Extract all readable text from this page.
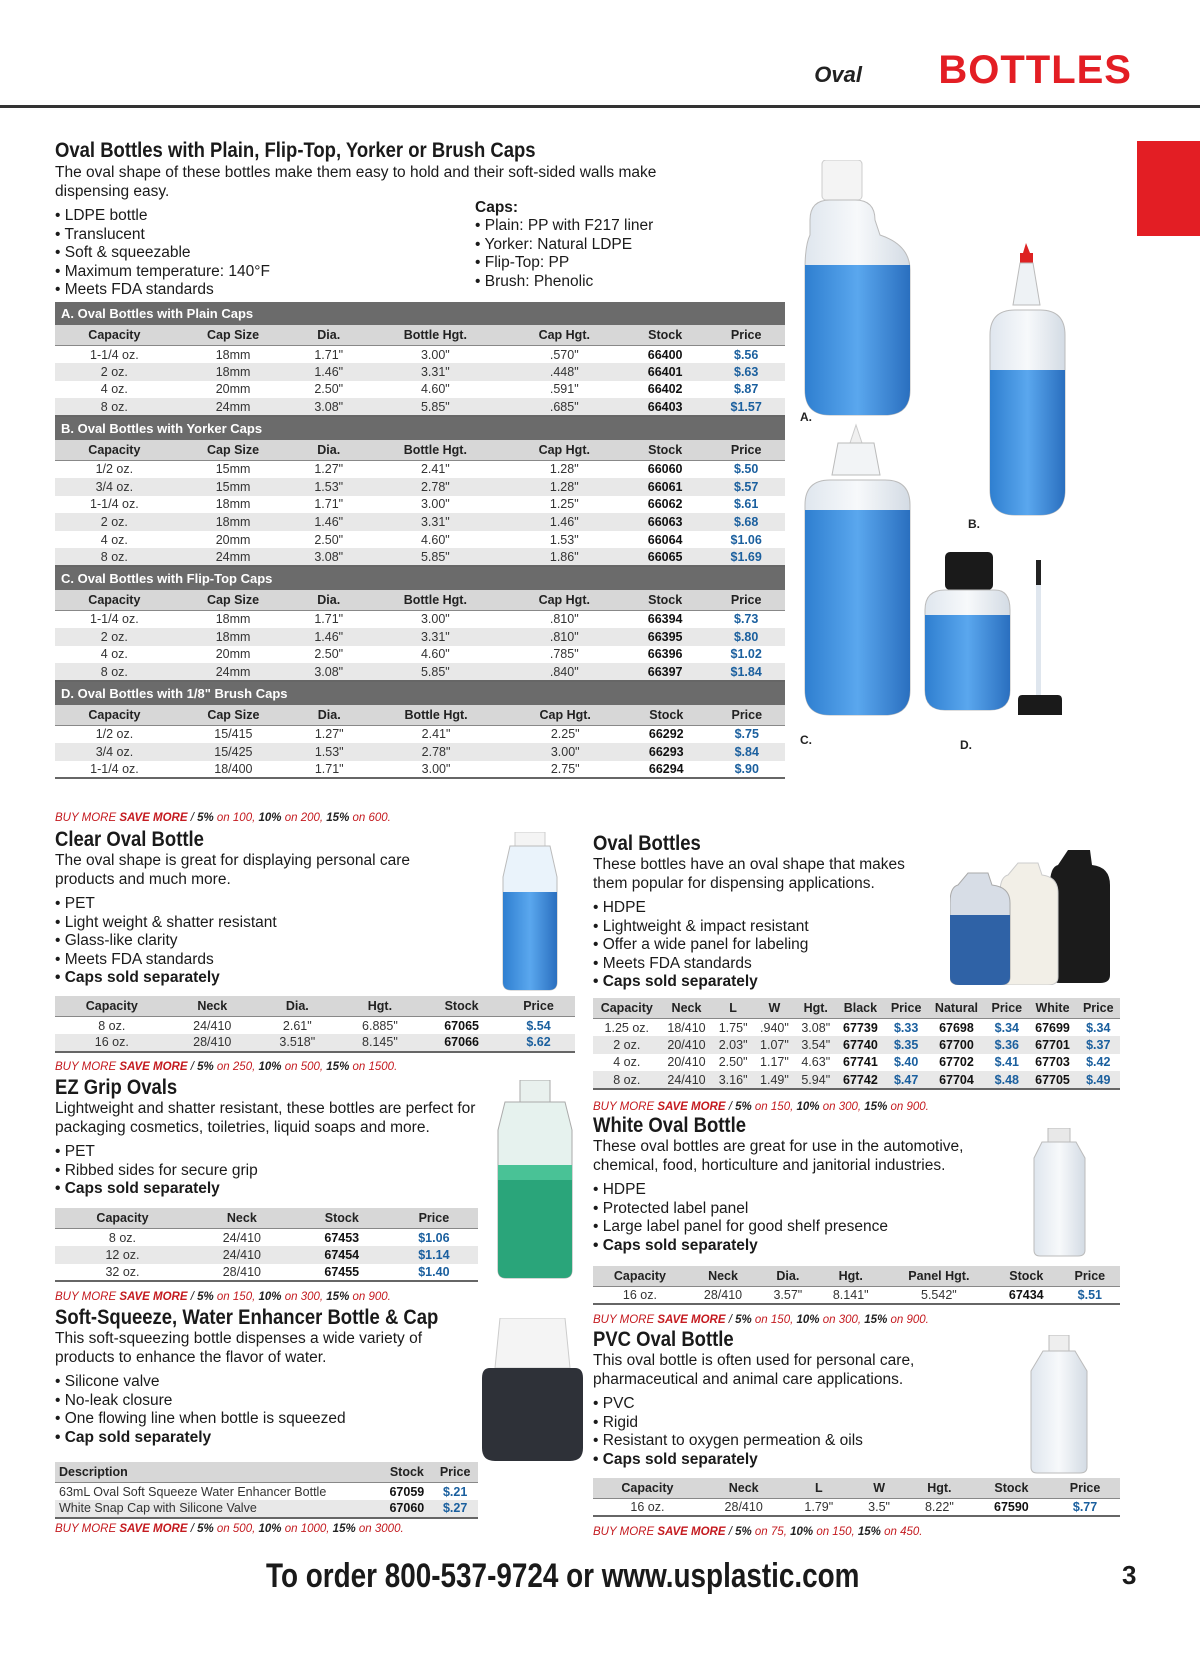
Oval BOTTLES
Oval Bottles with Plain, Flip-Top, Yorker or Brush Caps
The oval shape of these bottles make them easy to hold and their soft-sided walls make dispensing easy.
• LDPE bottle
• Translucent
• Soft & squeezable
• Maximum temperature: 140°F
• Meets FDA standards
Caps:
• Plain: PP with F217 liner
• Yorker: Natural LDPE
• Flip-Top: PP
• Brush: Phenolic
A. Oval Bottles with Plain Caps
Capacity	Cap Size	Dia.	Bottle Hgt.	Cap Hgt.	Stock	Price
1-1/4 oz.	18mm	1.71"	3.00"	.570"	66400	$.56
2 oz.	18mm	1.46"	3.31"	.448"	66401	$.63
4 oz.	20mm	2.50"	4.60"	.591"	66402	$.87
8 oz.	24mm	3.08"	5.85"	.685"	66403	$1.57
B. Oval Bottles with Yorker Caps
Capacity	Cap Size	Dia.	Bottle Hgt.	Cap Hgt.	Stock	Price
1/2 oz.	15mm	1.27"	2.41"	1.28"	66060	$.50
3/4 oz.	15mm	1.53"	2.78"	1.28"	66061	$.57
1-1/4 oz.	18mm	1.71"	3.00"	1.25"	66062	$.61
2 oz.	18mm	1.46"	3.31"	1.46"	66063	$.68
4 oz.	20mm	2.50"	4.60"	1.53"	66064	$1.06
8 oz.	24mm	3.08"	5.85"	1.86"	66065	$1.69
C. Oval Bottles with Flip-Top Caps
Capacity	Cap Size	Dia.	Bottle Hgt.	Cap Hgt.	Stock	Price
1-1/4 oz.	18mm	1.71"	3.00"	.810"	66394	$.73
2 oz.	18mm	1.46"	3.31"	.810"	66395	$.80
4 oz.	20mm	2.50"	4.60"	.785"	66396	$1.02
8 oz.	24mm	3.08"	5.85"	.840"	66397	$1.84
D. Oval Bottles with 1/8" Brush Caps
Capacity	Cap Size	Dia.	Bottle Hgt.	Cap Hgt.	Stock	Price
1/2 oz.	15/415	1.27"	2.41"	2.25"	66292	$.75
3/4 oz.	15/425	1.53"	2.78"	3.00"	66293	$.84
1-1/4 oz.	18/400	1.71"	3.00"	2.75"	66294	$.90
BUY MORE SAVE MORE / 5% on 100, 10% on 200, 15% on 600.
A.
B.
C.	D.
Clear Oval Bottle
The oval shape is great for displaying personal care products and much more.
• PET
• Light weight & shatter resistant
• Glass-like clarity
• Meets FDA standards
• Caps sold separately
Capacity	Neck	Dia.	Hgt.	Stock	Price
8 oz.	24/410	2.61"	6.885"	67065	$.54
16 oz.	28/410	3.518"	8.145"	67066	$.62
BUY MORE SAVE MORE / 5% on 250, 10% on 500, 15% on 1500.
EZ Grip Ovals
Lightweight and shatter resistant, these bottles are perfect for packaging cosmetics, toiletries, liquid soaps and more.
• PET
• Ribbed sides for secure grip
• Caps sold separately
Capacity	Neck	Stock	Price
8 oz.	24/410	67453	$1.06
12 oz.	24/410	67454	$1.14
32 oz.	28/410	67455	$1.40
BUY MORE SAVE MORE / 5% on 150, 10% on 300, 15% on 900.
Soft-Squeeze, Water Enhancer Bottle & Cap
This soft-squeezing bottle dispenses a wide variety of products to enhance the flavor of water.
• Silicone valve
• No-leak closure
• One flowing line when bottle is squeezed
• Cap sold separately
Description	Stock	Price
63mL Oval Soft Squeeze Water Enhancer Bottle	67059	$.21
White Snap Cap with Silicone Valve	67060	$.27
BUY MORE SAVE MORE / 5% on 500, 10% on 1000, 15% on 3000.
Oval Bottles
These bottles have an oval shape that makes them popular for dispensing applications.
• HDPE
• Lightweight & impact resistant
• Offer a wide panel for labeling
• Meets FDA standards
• Caps sold separately
Capacity	Neck	L	W	Hgt.	Black	Price	Natural	Price	White	Price
1.25 oz.	18/410	1.75"	.940"	3.08"	67739	$.33	67698	$.34	67699	$.34
2 oz.	20/410	2.03"	1.07"	3.54"	67740	$.35	67700	$.36	67701	$.37
4 oz.	20/410	2.50"	1.17"	4.63"	67741	$.40	67702	$.41	67703	$.42
8 oz.	24/410	3.16"	1.49"	5.94"	67742	$.47	67704	$.48	67705	$.49
BUY MORE SAVE MORE / 5% on 150, 10% on 300, 15% on 900.
White Oval Bottle
These oval bottles are great for use in the automotive, chemical, food, horticulture and janitorial industries.
• HDPE
• Protected label panel
• Large label panel for good shelf presence
• Caps sold separately
Capacity	Neck	Dia.	Hgt.	Panel Hgt.	Stock	Price
16 oz.	28/410	3.57"	8.141"	5.542"	67434	$.51
BUY MORE SAVE MORE / 5% on 150, 10% on 300, 15% on 900.
PVC Oval Bottle
This oval bottle is often used for personal care, pharmaceutical and animal care applications.
• PVC
• Rigid
• Resistant to oxygen permeation & oils
• Caps sold separately
Capacity	Neck	L	W	Hgt.	Stock	Price
16 oz.	28/410	1.79"	3.5"	8.22"	67590	$.77
BUY MORE SAVE MORE / 5% on 75, 10% on 150, 15% on 450.
To order 800-537-9724 or www.usplastic.com	3
